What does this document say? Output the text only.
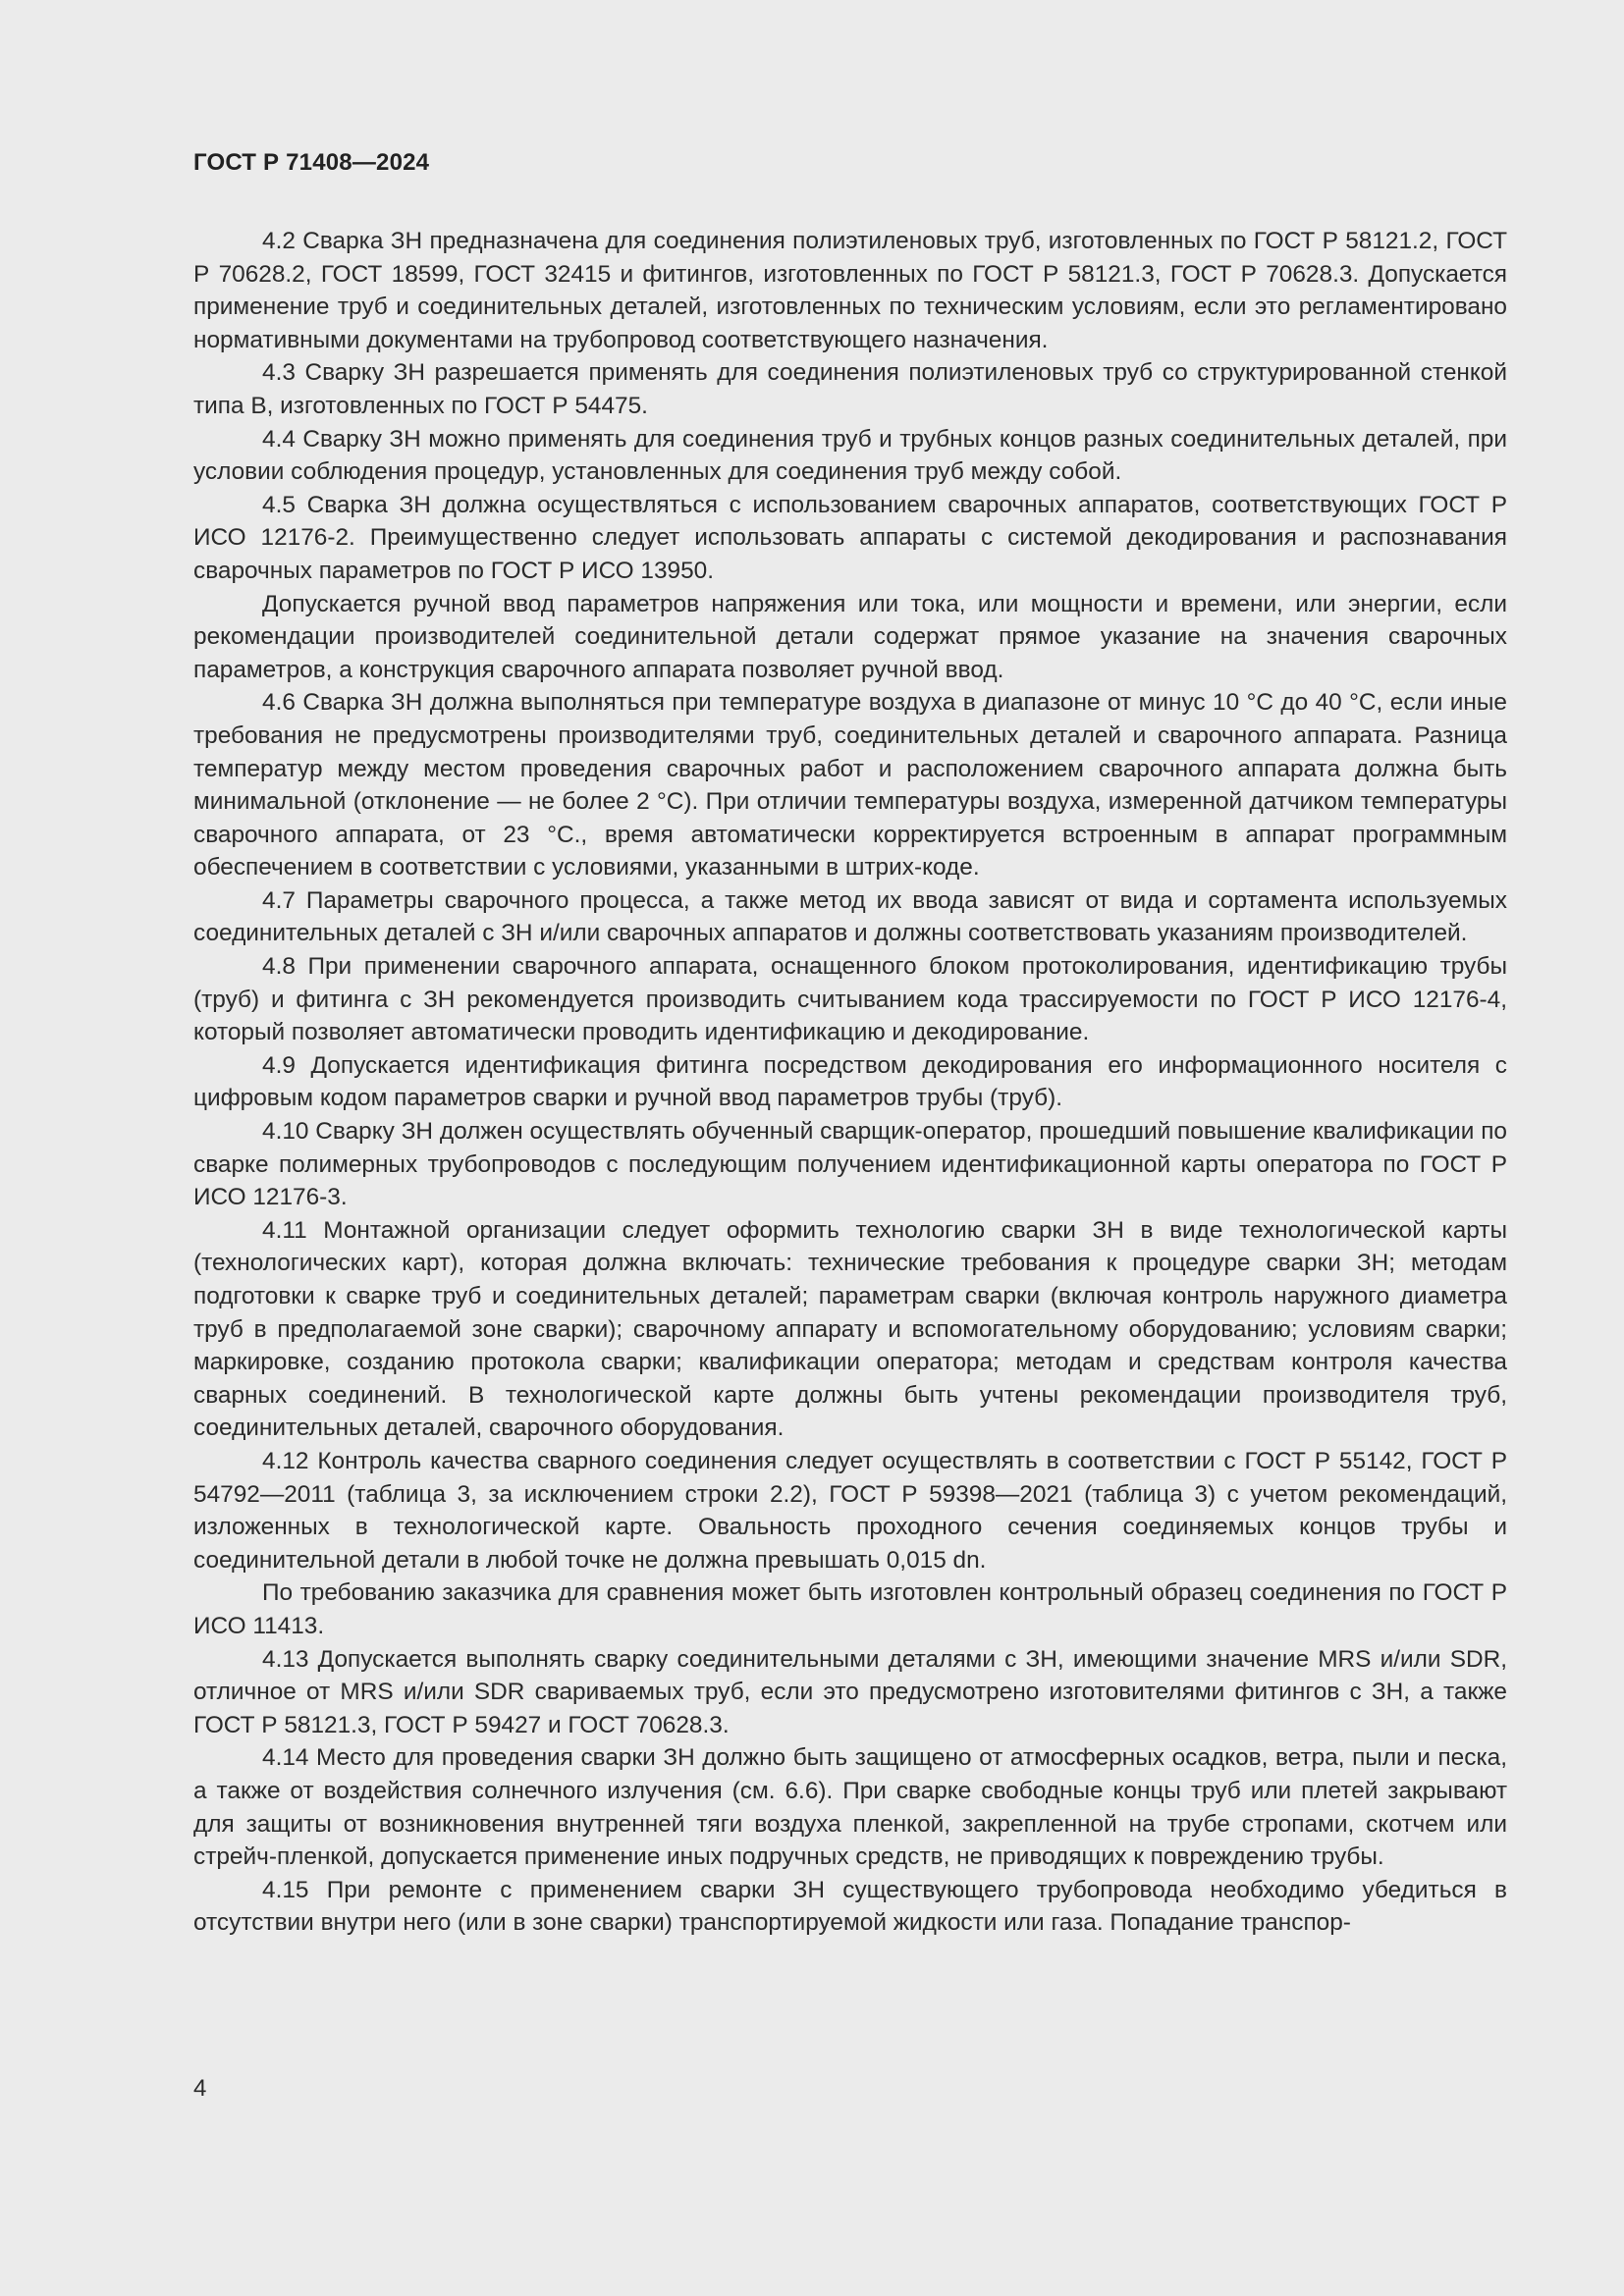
ГОСТ Р 71408—2024

4.2 Сварка ЗН предназначена для соединения полиэтиленовых труб, изготовленных по ГОСТ Р 58121.2, ГОСТ Р 70628.2, ГОСТ 18599, ГОСТ 32415 и фитингов, изготовленных по ГОСТ Р 58121.3, ГОСТ Р 70628.3. Допускается применение труб и соединительных деталей, изготовленных по техническим условиям, если это регламентировано нормативными документами на трубопровод соответствующего назначения.

4.3 Сварку ЗН разрешается применять для соединения полиэтиленовых труб со структурированной стенкой типа В, изготовленных по ГОСТ Р 54475.

4.4 Сварку ЗН можно применять для соединения труб и трубных концов разных соединительных деталей, при условии соблюдения процедур, установленных для соединения труб между собой.

4.5 Сварка ЗН должна осуществляться с использованием сварочных аппаратов, соответствующих ГОСТ Р ИСО 12176-2. Преимущественно следует использовать аппараты с системой декодирования и распознавания сварочных параметров по ГОСТ Р ИСО 13950.

Допускается ручной ввод параметров напряжения или тока, или мощности и времени, или энергии, если рекомендации производителей соединительной детали содержат прямое указание на значения сварочных параметров, а конструкция сварочного аппарата позволяет ручной ввод.

4.6 Сварка ЗН должна выполняться при температуре воздуха в диапазоне от минус 10 °С до 40 °С, если иные требования не предусмотрены производителями труб, соединительных деталей и сварочного аппарата. Разница температур между местом проведения сварочных работ и расположением сварочного аппарата должна быть минимальной (отклонение — не более 2 °С). При отличии температуры воздуха, измеренной датчиком температуры сварочного аппарата, от 23 °С., время автоматически корректируется встроенным в аппарат программным обеспечением в соответствии с условиями, указанными в штрих-коде.

4.7 Параметры сварочного процесса, а также метод их ввода зависят от вида и сортамента используемых соединительных деталей с ЗН и/или сварочных аппаратов и должны соответствовать указаниям производителей.

4.8 При применении сварочного аппарата, оснащенного блоком протоколирования, идентификацию трубы (труб) и фитинга с ЗН рекомендуется производить считыванием кода трассируемости по ГОСТ Р ИСО 12176-4, который позволяет автоматически проводить идентификацию и декодирование.

4.9 Допускается идентификация фитинга посредством декодирования его информационного носителя с цифровым кодом параметров сварки и ручной ввод параметров трубы (труб).

4.10 Сварку ЗН должен осуществлять обученный сварщик-оператор, прошедший повышение квалификации по сварке полимерных трубопроводов с последующим получением идентификационной карты оператора по ГОСТ Р ИСО 12176-3.

4.11 Монтажной организации следует оформить технологию сварки ЗН в виде технологической карты (технологических карт), которая должна включать: технические требования к процедуре сварки ЗН; методам подготовки к сварке труб и соединительных деталей; параметрам сварки (включая контроль наружного диаметра труб в предполагаемой зоне сварки); сварочному аппарату и вспомогательному оборудованию; условиям сварки; маркировке, созданию протокола сварки; квалификации оператора; методам и средствам контроля качества сварных соединений. В технологической карте должны быть учтены рекомендации производителя труб, соединительных деталей, сварочного оборудования.

4.12 Контроль качества сварного соединения следует осуществлять в соответствии с ГОСТ Р 55142, ГОСТ Р 54792—2011 (таблица 3, за исключением строки 2.2), ГОСТ Р 59398—2021 (таблица 3) с учетом рекомендаций, изложенных в технологической карте. Овальность проходного сечения соединяемых концов трубы и соединительной детали в любой точке не должна превышать 0,015 dn.

По требованию заказчика для сравнения может быть изготовлен контрольный образец соединения по ГОСТ Р ИСО 11413.

4.13 Допускается выполнять сварку соединительными деталями с ЗН, имеющими значение MRS и/или SDR, отличное от MRS и/или SDR свариваемых труб, если это предусмотрено изготовителями фитингов с ЗН, а также ГОСТ Р 58121.3, ГОСТ Р 59427 и ГОСТ 70628.3.

4.14 Место для проведения сварки ЗН должно быть защищено от атмосферных осадков, ветра, пыли и песка, а также от воздействия солнечного излучения (см. 6.6). При сварке свободные концы труб или плетей закрывают для защиты от возникновения внутренней тяги воздуха пленкой, закрепленной на трубе стропами, скотчем или стрейч-пленкой, допускается применение иных подручных средств, не приводящих к повреждению трубы.

4.15 При ремонте с применением сварки ЗН существующего трубопровода необходимо убедиться в отсутствии внутри него (или в зоне сварки) транспортируемой жидкости или газа. Попадание транспор-

4
